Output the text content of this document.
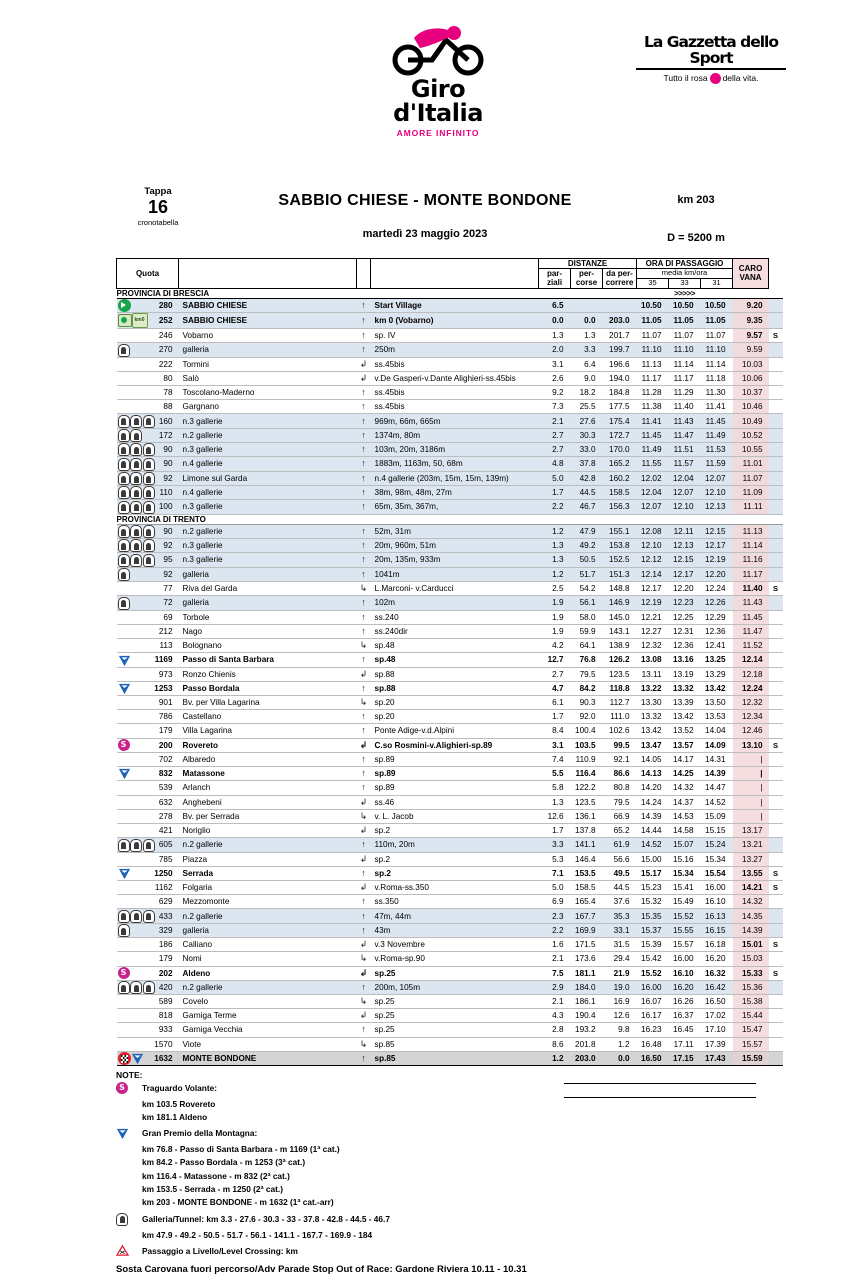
Giro d'Italia
AMORE INFINITO
La Gazzetta dello Sport
Tutto il rosa della vita.
Tappa
16
cronotabella
SABBIO CHIESE - MONTE BONDONE
martedì 23 maggio 2023
km 203
D = 5200 m
Quota					DISTANZE			ORA DI PASSAGGIO			CARO
VANA	
par-
ziali	per-
corse	da per-
correre	
media km/ora
35	33	31

PROVINCIA DI BRESCIA								>>>>>				
	280	SABBIO CHIESE	↑	Start Village	6.5			10.50	10.50	10.50	9.20	
km0	252	SABBIO CHIESE	↑	km 0 (Vobarno)	0.0	0.0	203.0	11.05	11.05	11.05	9.35	
	246	Vobarno	↑	sp. IV	1.3	1.3	201.7	11.07	11.07	11.07	9.57	S
	270	galleria	↑	250m	2.0	3.3	199.7	11.10	11.10	11.10	9.59	
	222	Tormini	↲	ss.45bis	3.1	6.4	196.6	11.13	11.14	11.14	10.03	
	80	Salò	↲	v.De Gasperi-v.Dante Alighieri-ss.45bis	2.6	9.0	194.0	11.17	11.17	11.18	10.06	
	78	Toscolano-Maderno	↑	ss.45bis	9.2	18.2	184.8	11.28	11.29	11.30	10.37	
	88	Gargnano	↑	ss.45bis	7.3	25.5	177.5	11.38	11.40	11.41	10.46	
	160	n.3 gallerie	↑	969m, 66m, 665m	2.1	27.6	175.4	11.41	11.43	11.45	10.49	
	172	n.2 gallerie	↑	1374m, 80m	2.7	30.3	172.7	11.45	11.47	11.49	10.52	
	90	n.3 gallerie	↑	103m, 20m, 3186m	2.7	33.0	170.0	11.49	11.51	11.53	10.55	
	90	n.4 gallerie	↑	1883m, 1163m, 50, 68m	4.8	37.8	165.2	11.55	11.57	11.59	11.01	
	92	Limone sul Garda	↑	n.4 gallerie (203m, 15m, 15m, 139m)	5.0	42.8	160.2	12.02	12.04	12.07	11.07	
	110	n.4 gallerie	↑	38m, 98m, 48m, 27m	1.7	44.5	158.5	12.04	12.07	12.10	11.09	
	100	n.3 gallerie	↑	65m, 35m, 367m,	2.2	46.7	156.3	12.07	12.10	12.13	11.11	
PROVINCIA DI TRENTO												
	90	n.2 gallerie	↑	52m, 31m	1.2	47.9	155.1	12.08	12.11	12.15	11.13	
	92	n.3 gallerie	↑	20m, 960m, 51m	1.3	49.2	153.8	12.10	12.13	12.17	11.14	
	95	n.3 gallerie	↑	20m, 135m, 933m	1.3	50.5	152.5	12.12	12.15	12.19	11.16	
	92	galleria	↑	1041m	1.2	51.7	151.3	12.14	12.17	12.20	11.17	
	77	Riva del Garda	↳	L.Marconi- v.Carducci	2.5	54.2	148.8	12.17	12.20	12.24	11.40	S
	72	galleria	↑	102m	1.9	56.1	146.9	12.19	12.23	12.26	11.43	
	69	Torbole	↑	ss.240	1.9	58.0	145.0	12.21	12.25	12.29	11.45	
	212	Nago	↑	ss.240dir	1.9	59.9	143.1	12.27	12.31	12.36	11.47	
	113	Bolognano	↳	sp.48	4.2	64.1	138.9	12.32	12.36	12.41	11.52	
	1169	Passo di Santa Barbara	↑	sp.48	12.7	76.8	126.2	13.08	13.16	13.25	12.14	
	973	Ronzo Chienis	↲	sp.88	2.7	79.5	123.5	13.11	13.19	13.29	12.18	
	1253	Passo Bordala	↑	sp.88	4.7	84.2	118.8	13.22	13.32	13.42	12.24	
	901	Bv. per Villa Lagarina	↳	sp.20	6.1	90.3	112.7	13.30	13.39	13.50	12.32	
	786	Castellano	↑	sp.20	1.7	92.0	111.0	13.32	13.42	13.53	12.34	
	179	Villa Lagarina	↑	Ponte Adige-v.d.Alpini	8.4	100.4	102.6	13.42	13.52	14.04	12.46	
S	200	Rovereto	↲	C.so Rosmini-v.Alighieri-sp.89	3.1	103.5	99.5	13.47	13.57	14.09	13.10	S
	702	Albaredo	↑	sp.89	7.4	110.9	92.1	14.05	14.17	14.31	|	
	832	Matassone	↑	sp.89	5.5	116.4	86.6	14.13	14.25	14.39	|	
	539	Arlanch	↑	sp.89	5.8	122.2	80.8	14.20	14.32	14.47	|	
	632	Anghebeni	↲	ss.46	1.3	123.5	79.5	14.24	14.37	14.52	|	
	278	Bv. per Serrada	↳	v. L. Jacob	12.6	136.1	66.9	14.39	14.53	15.09	|	
	421	Noriglio	↲	sp.2	1.7	137.8	65.2	14.44	14.58	15.15	13.17	
	605	n.2 gallerie	↑	110m, 20m	3.3	141.1	61.9	14.52	15.07	15.24	13.21	
	785	Piazza	↲	sp.2	5.3	146.4	56.6	15.00	15.16	15.34	13.27	
	1250	Serrada	↑	sp.2	7.1	153.5	49.5	15.17	15.34	15.54	13.55	S
	1162	Folgaria	↲	v.Roma-ss.350	5.0	158.5	44.5	15.23	15.41	16.00	14.21	S
	629	Mezzomonte	↑	ss.350	6.9	165.4	37.6	15.32	15.49	16.10	14.32	
	433	n.2 gallerie	↑	47m, 44m	2.3	167.7	35.3	15.35	15.52	16.13	14.35	
	329	galleria	↑	43m	2.2	169.9	33.1	15.37	15.55	16.15	14.39	
	186	Calliano	↲	v.3 Novembre	1.6	171.5	31.5	15.39	15.57	16.18	15.01	S
	179	Nomi	↳	v.Roma-sp.90	2.1	173.6	29.4	15.42	16.00	16.20	15.03	
S	202	Aldeno	↲	sp.25	7.5	181.1	21.9	15.52	16.10	16.32	15.33	S
	420	n.2 gallerie	↑	200m, 105m	2.9	184.0	19.0	16.00	16.20	16.42	15.36	
	589	Covelo	↳	sp.25	2.1	186.1	16.9	16.07	16.26	16.50	15.38	
	818	Garniga Terme	↲	sp.25	4.3	190.4	12.6	16.17	16.37	17.02	15.44	
	933	Garniga Vecchia	↑	sp.25	2.8	193.2	9.8	16.23	16.45	17.10	15.47	
	1570	Viote	↳	sp.85	8.6	201.8	1.2	16.48	17.11	17.39	15.57	
	1632	MONTE BONDONE	↑	sp.85	1.2	203.0	0.0	16.50	17.15	17.43	15.59	
NOTE:
S	Traguardo Volante:
km 103.5 Rovereto
km 181.1 Aldeno
Gran Premio della Montagna:
km 76.8 - Passo di Santa Barbara - m 1169 (1ª cat.)
km 84.2 - Passo Bordala - m 1253 (3ª cat.)
km 116.4 - Matassone - m 832 (2ª cat.)
km 153.5 - Serrada - m 1250 (2ª cat.)
km 203 - MONTE BONDONE - m 1632 (1ª cat.-arr)
Galleria/Tunnel: km 3.3 - 27.6 - 30.3 - 33 - 37.8 - 42.8 - 44.5 - 46.7
km 47.9 - 49.2 - 50.5 - 51.7 - 56.1 - 141.1 - 167.7 - 169.9 - 184
Passaggio a Livello/Level Crossing: km
Sosta Carovana fuori percorso/Adv Parade Stop Out of Race: Gardone Riviera 10.11 - 10.31
